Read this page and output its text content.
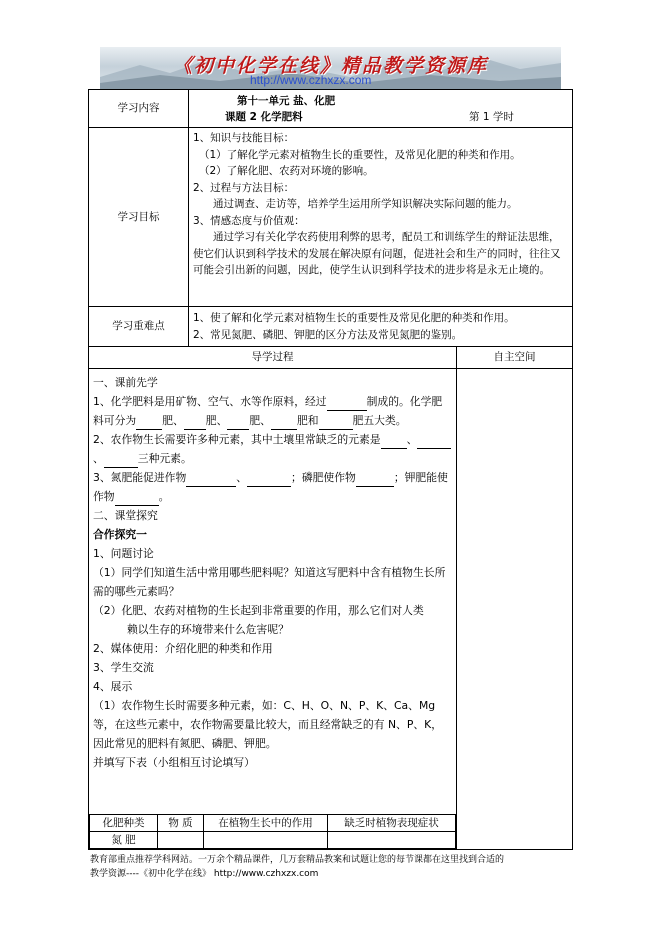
《初中化学在线》精品教学资源库
http://www.czhxzx.com
学习内容	
第十一单元 盐、化肥
课题 2 化学肥料	第 1 学时

学习目标	

1、知识与技能目标：

（1）了解化学元素对植物生长的重要性，及常见化肥的种类和作用。

（2）了解化肥、农药对环境的影响。

2、过程与方法目标：

通过调查、走访等，培养学生运用所学知识解决实际问题的能力。

3、情感态度与价值观：

通过学习有关化学农药使用利弊的思考，配员工和训练学生的辩证法思维，使它们认识到科学技术的发展在解决原有问题，促进社会和生产的同时，往往又可能会引出新的问题，因此，使学生认识到科学技术的进步将是永无止境的。

学习重难点	

1、使了解和化学元素对植物生长的重要性及常见化肥的种类和作用。

2、常见氮肥、磷肥、钾肥的区分方法及常见氮肥的鉴别。

导学过程	自主空间

一、课前先学

1、化学肥料是用矿物、空气、水等作原料，经过	制成的。化学肥料可分为 肥、 肥、 肥、 肥和	肥五大类。

2、农作物生长需要许多种元素，其中土壤里常缺乏的元素是 、、	三种元素。

3、氮肥能促进作物	、	；磷肥使作物	；钾肥能使作物	。

二、课堂探究

合作探究一

1、问题讨论

（1）同学们知道生活中常用哪些肥料呢？知道这写肥料中含有植物生长所需的哪些元素吗？

（2）化肥、农药对植物的生长起到非常重要的作用，那么它们对人类

赖以生存的环境带来什么危害呢？

2、媒体使用：介绍化肥的种类和作用

3、学生交流

4、展示

（1）农作物生长时需要多种元素，如：C、H、O、N、P、K、Ca、Mg等，在这些元素中，农作物需要量比较大，而且经常缺乏的有 N、P、K，因此常见的肥料有氮肥、磷肥、钾肥。

并填写下表（小组相互讨论填写）

化肥种类	物 质	在植物生长中的作用	缺乏时植物表现症状
氮 肥			

教育部重点推荐学科网站。一万余个精品课件，几万套精品教案和试题让您的每节课都在这里找到合适的
教学资源----《初中化学在线》 http://www.czhxzx.com
